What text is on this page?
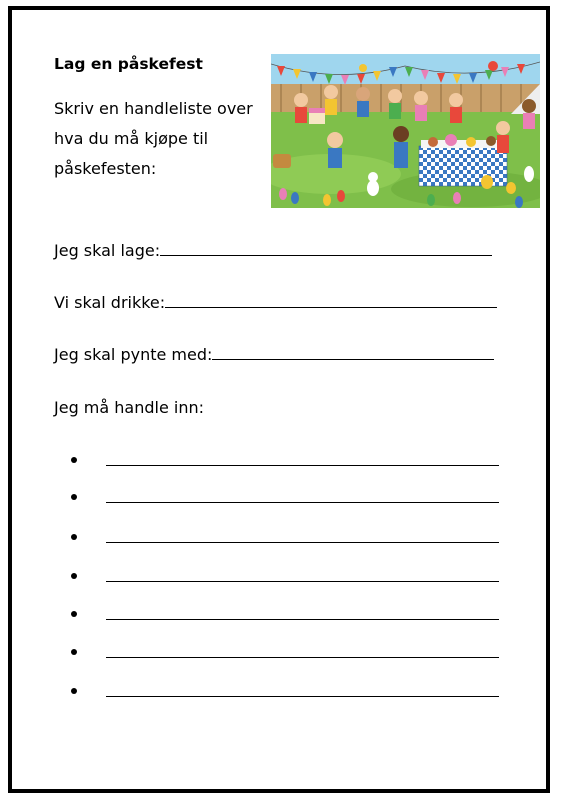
Lag en påskefest
Skriv en handleliste over
hva du må kjøpe til
påskefesten:
Jeg skal lage:
Vi skal drikke:
Jeg skal pynte med:
Jeg må handle inn:
